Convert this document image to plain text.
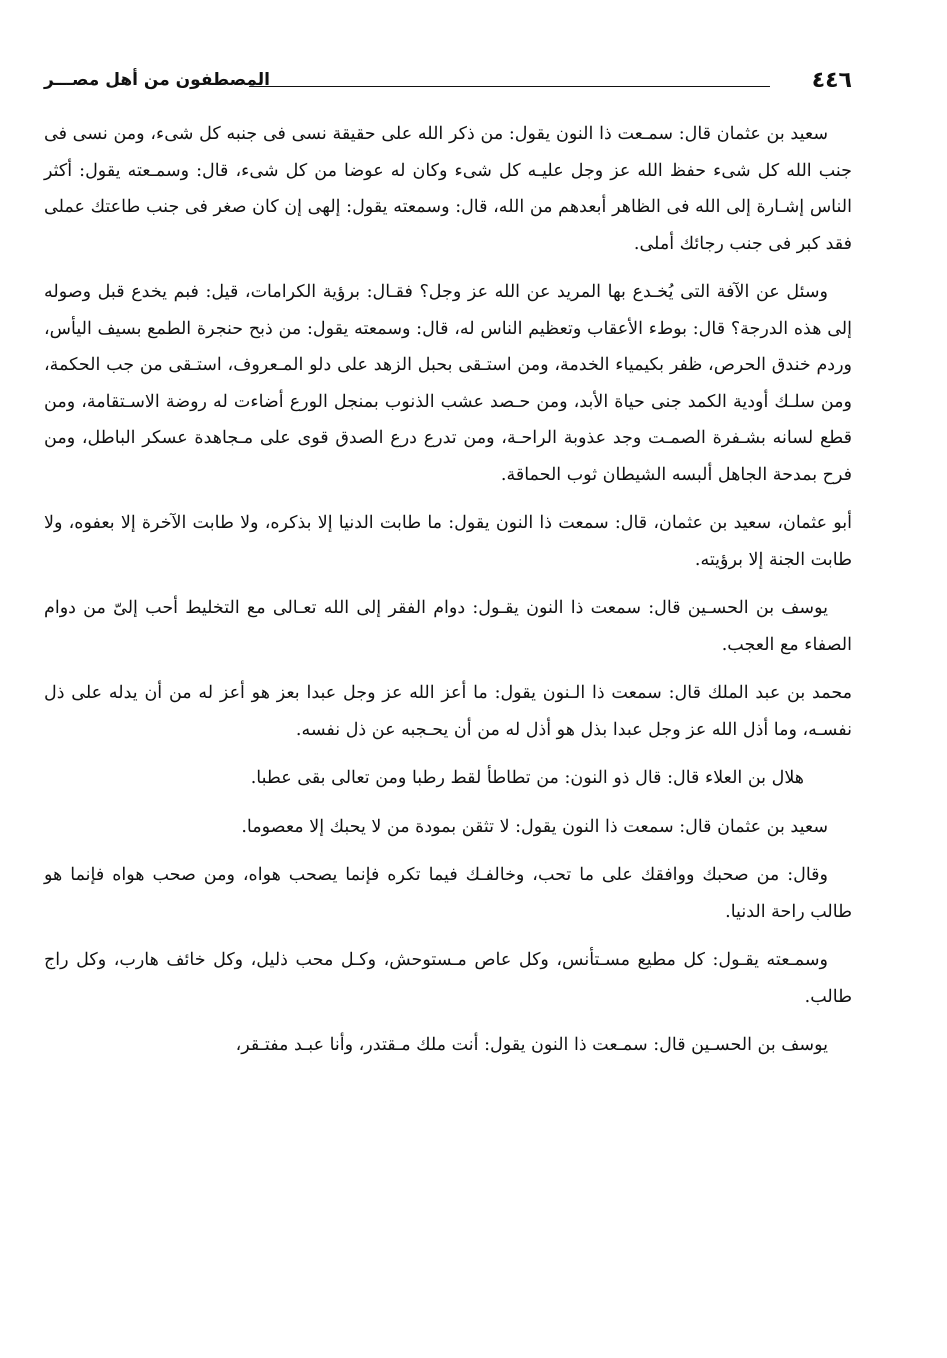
٤٤٦
المصطفون من أهل مصـــر

سعيد بن عثمان قال: سمـعت ذا النون يقول: من ذكر الله على حقيقة نسى فى جنبه كل شىء، ومن نسى فى جنب الله كل شىء حفظ الله عز وجل عليـه كل شىء وكان له عوضا من كل شىء، قال: وسمـعته يقول: أكثر الناس إشـارة إلى الله فى الظاهر أبعدهم من الله، قال: وسمعته يقول: إلهى إن كان صغر فى جنب طاعتك عملى فقد كبر فى جنب رجائك أملى.

وسئل عن الآفة التى يُخـدع بها المريد عن الله عز وجل؟ فقـال: برؤية الكرامات، قيل: فبم يخدع قبل وصوله إلى هذه الدرجة؟ قال: بوطء الأعقاب وتعظيم الناس له، قال: وسمعته يقول: من ذبح حنجرة الطمع بسيف اليأس، وردم خندق الحرص، ظفر بكيمياء الخدمة، ومن استـقى بحبل الزهد على دلو المـعروف، استـقى من جب الحكمة، ومن سلـك أودية الكمد جنى حياة الأبد، ومن حـصد عشب الذنوب بمنجل الورع أضاءت له روضة الاسـتقامة، ومن قطع لسانه بشـفرة الصمـت وجد عذوبة الراحـة، ومن تدرع درع الصدق قوى على مـجاهدة عسكر الباطل، ومن فرح بمدحة الجاهل ألبسه الشيطان ثوب الحماقة.

أبو عثمان، سعيد بن عثمان، قال: سمعت ذا النون يقول: ما طابت الدنيا إلا بذكره، ولا طابت الآخرة إلا بعفوه، ولا طابت الجنة إلا برؤيته.

يوسف بن الحسـين قال: سمعت ذا النون يقـول: دوام الفقر إلى الله تعـالى مع التخليط أحب إلىّ من دوام الصفاء مع العجب.

محمد بن عبد الملك قال: سمعت ذا الـنون يقول: ما أعز الله عز وجل عبدا بعز هو أعز له من أن يدله على ذل نفسـه، وما أذل الله عز وجل عبدا بذل هو أذل له من أن يحـجبه عن ذل نفسه.

هلال بن العلاء قال: قال ذو النون: من تطاطأ لقط رطبا ومن تعالى بقى عطبا.

سعيد بن عثمان قال: سمعت ذا النون يقول: لا تثقن بمودة من لا يحبك إلا معصوما.

وقال: من صحبك ووافقك على ما تحب، وخالفـك فيما تكره فإنما يصحب هواه، ومن صحب هواه فإنما هو طالب راحة الدنيا.

وسمـعته يقـول: كل مطيع مسـتأنس، وكل عاص مـستوحش، وكـل محب ذليل، وكل خائف هارب، وكل راج طالب.

يوسف بن الحسـين قال: سمـعت ذا النون يقول: أنت ملك مـقتدر، وأنا عبـد مفتـقر،
